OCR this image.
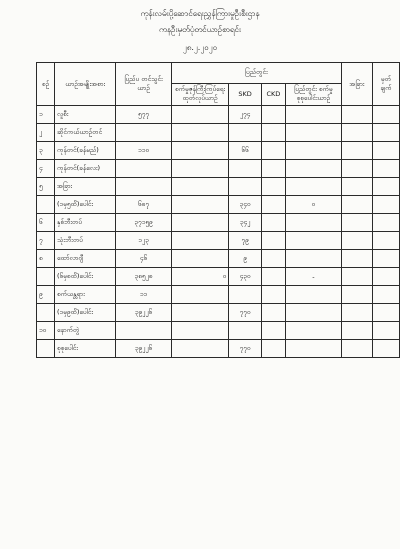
ကုန်းလမ်းပို့ဆောင်ရေးညွှန်ကြားမှုဦးစီးဌာန
ကနဦးမှတ်ပုံတင်ယာဉ်စာရင်း
၂၈.၂.၂၀၂၀
စဉ်	ယာဉ်အမျိုးအစား	ပြည်ပ တင်သွင်းယာဉ်	ပြည်တွင်း				အခြား	မှတ် ချက်
			စက်မှုဇုန်ကြီးကြပ်ရေး ထုတ်လုပ်ယာဉ်	SKD	CKD	ပြည်တွင်း စက်မှုစုစုပေါင်းယာဉ်		
၁	လူစီး	၅၇၇		၂၇၄				
၂	ဆိုင်ကယ်ယာဉ်တင်							
၃	ကုန်တင်(ခန်မည်)	၁၁၀		၆၆				
၄	ကုန်တင်(ခန်လေး)							
၅	အခြား							
	(၁မှ၅ထိ)ပေါင်း	၆၈၇		၃၄၀		၀		
၆	နှစ်ဘီးတပ်	၃၇၁၅၉		၃၄၂				
၇	သုံးဘီးတပ်	၁၂၃		၇၉				
၈	ထော်လာဂျီ	၄၆		၉				
	(၆မှ၈ထိ)ပေါင်း	၃၈၅၂၈	၀	၄၃၀		-		
၉	စက်ယန္တရား	၁၁						
	(၁မှ၉ထိ)ပေါင်း	၃၉၂၂၆		၇၇၀				
၁၀	နောက်တွဲ							
	စုစုပေါင်း	၃၉၂၂၆		၇၇၀				
